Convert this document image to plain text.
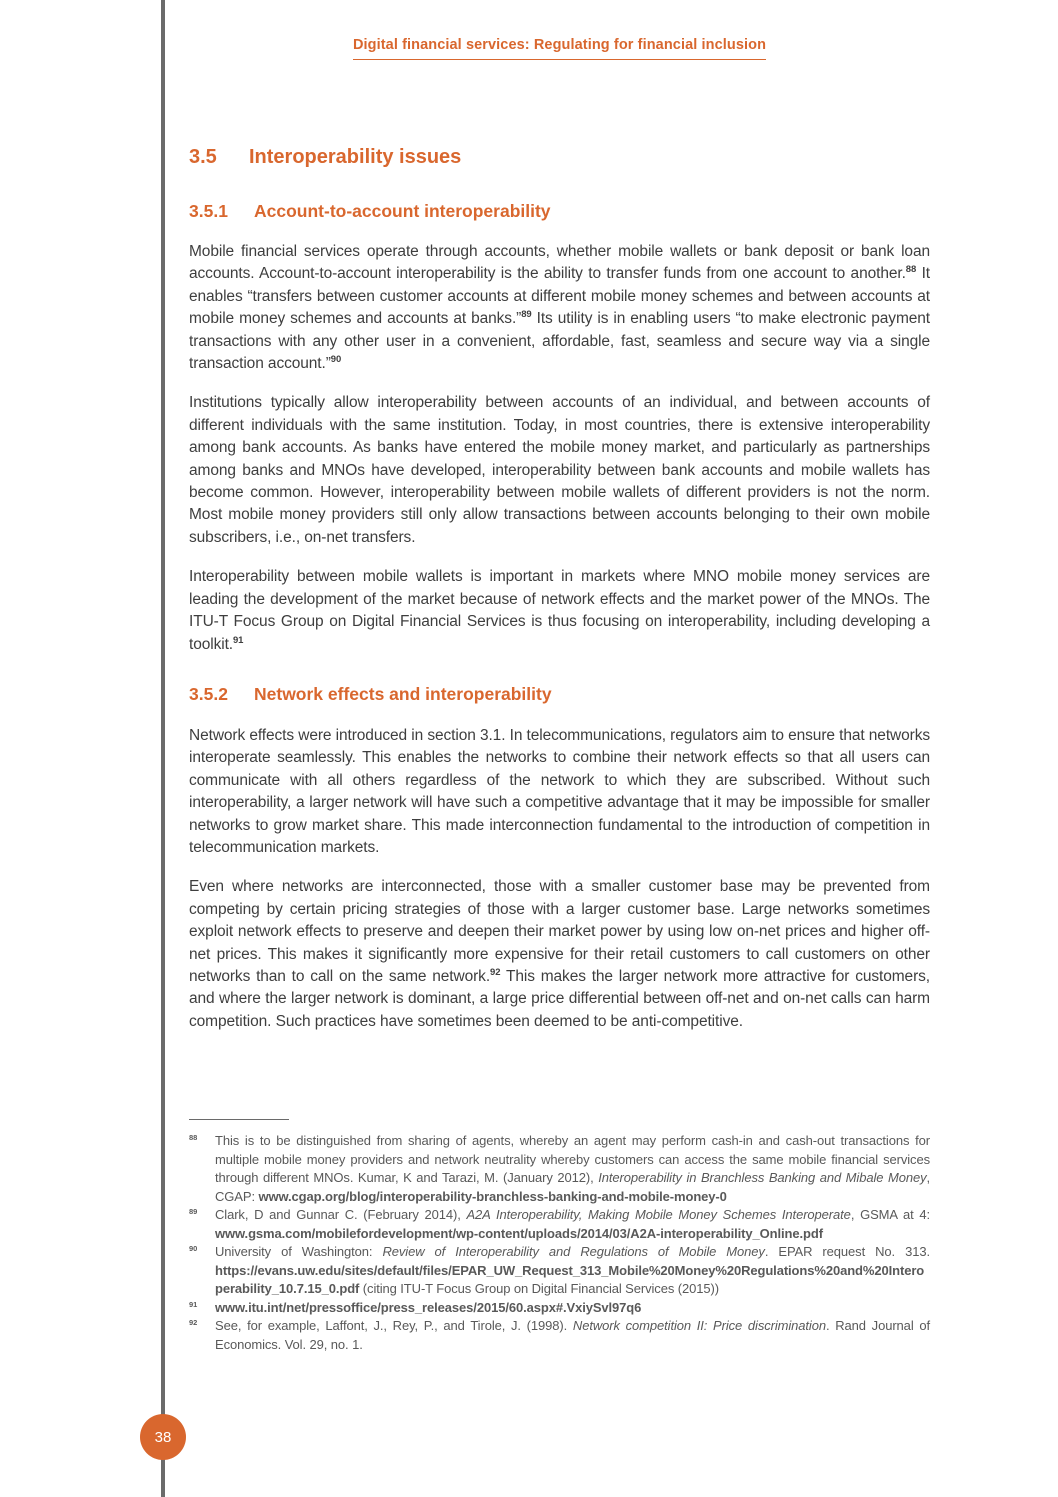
Digital financial services: Regulating for financial inclusion
3.5 Interoperability issues
3.5.1 Account-to-account interoperability

Mobile financial services operate through accounts, whether mobile wallets or bank deposit or bank loan accounts. Account-to-account interoperability is the ability to transfer funds from one account to another.$^{88}$ It enables “transfers between customer accounts at different mobile money schemes and between accounts at mobile money schemes and accounts at banks.”$^{89}$ Its utility is in enabling users “to make electronic payment transactions with any other user in a convenient, affordable, fast, seamless and secure way via a single transaction account.”$^{90}$

Institutions typically allow interoperability between accounts of an individual, and between accounts of different individuals with the same institution. Today, in most countries, there is extensive interoperability among bank accounts. As banks have entered the mobile money market, and particularly as partnerships among banks and MNOs have developed, interoperability between bank accounts and mobile wallets has become common. However, interoperability between mobile wallets of different providers is not the norm. Most mobile money providers still only allow transactions between accounts belonging to their own mobile subscribers, i.e., on-net transfers.

Interoperability between mobile wallets is important in markets where MNO mobile money services are leading the development of the market because of network effects and the market power of the MNOs. The ITU-T Focus Group on Digital Financial Services is thus focusing on interoperability, including developing a toolkit.$^{91}$

3.5.2 Network effects and interoperability

Network effects were introduced in section 3.1. In telecommunications, regulators aim to ensure that networks interoperate seamlessly. This enables the networks to combine their network effects so that all users can communicate with all others regardless of the network to which they are subscribed. Without such interoperability, a larger network will have such a competitive advantage that it may be impossible for smaller networks to grow market share. This made interconnection fundamental to the introduction of competition in telecommunication markets.

Even where networks are interconnected, those with a smaller customer base may be prevented from competing by certain pricing strategies of those with a larger customer base. Large networks sometimes exploit network effects to preserve and deepen their market power by using low on-net prices and higher off-net prices. This makes it significantly more expensive for their retail customers to call customers on other networks than to call on the same network.$^{92}$ This makes the larger network more attractive for customers, and where the larger network is dominant, a large price differential between off-net and on-net calls can harm competition. Such practices have sometimes been deemed to be anti-competitive.

$^{88}$	This is to be distinguished from sharing of agents, whereby an agent may perform cash-in and cash-out transactions for multiple mobile money providers and network neutrality whereby customers can access the same mobile financial services through different MNOs. Kumar, K and Tarazi, M. (January 2012), Interoperability in Branchless Banking and Mibale Money, CGAP: www.cgap.org/blog/interoperability-branchless-banking-and-mobile-money-0
$^{89}$	Clark, D and Gunnar C. (February 2014), A2A Interoperability, Making Mobile Money Schemes Interoperate, GSMA at 4: www.gsma.com/mobilefordevelopment/wp-content/uploads/2014/03/A2A-interoperability_Online.pdf
$^{90}$	University of Washington: Review of Interoperability and Regulations of Mobile Money. EPAR request No. 313. https://evans.uw.edu/sites/default/files/EPAR_UW_Request_313_Mobile%20Money%20Regulations%20and%20Interoperability_10.7.15_0.pdf (citing ITU-T Focus Group on Digital Financial Services (2015))
$^{91}$	www.itu.int/net/pressoffice/press_releases/2015/60.aspx#.VxiySvl97q6
$^{92}$	See, for example, Laffont, J., Rey, P., and Tirole, J. (1998). Network competition II: Price discrimination. Rand Journal of Economics. Vol. 29, no. 1.
38
